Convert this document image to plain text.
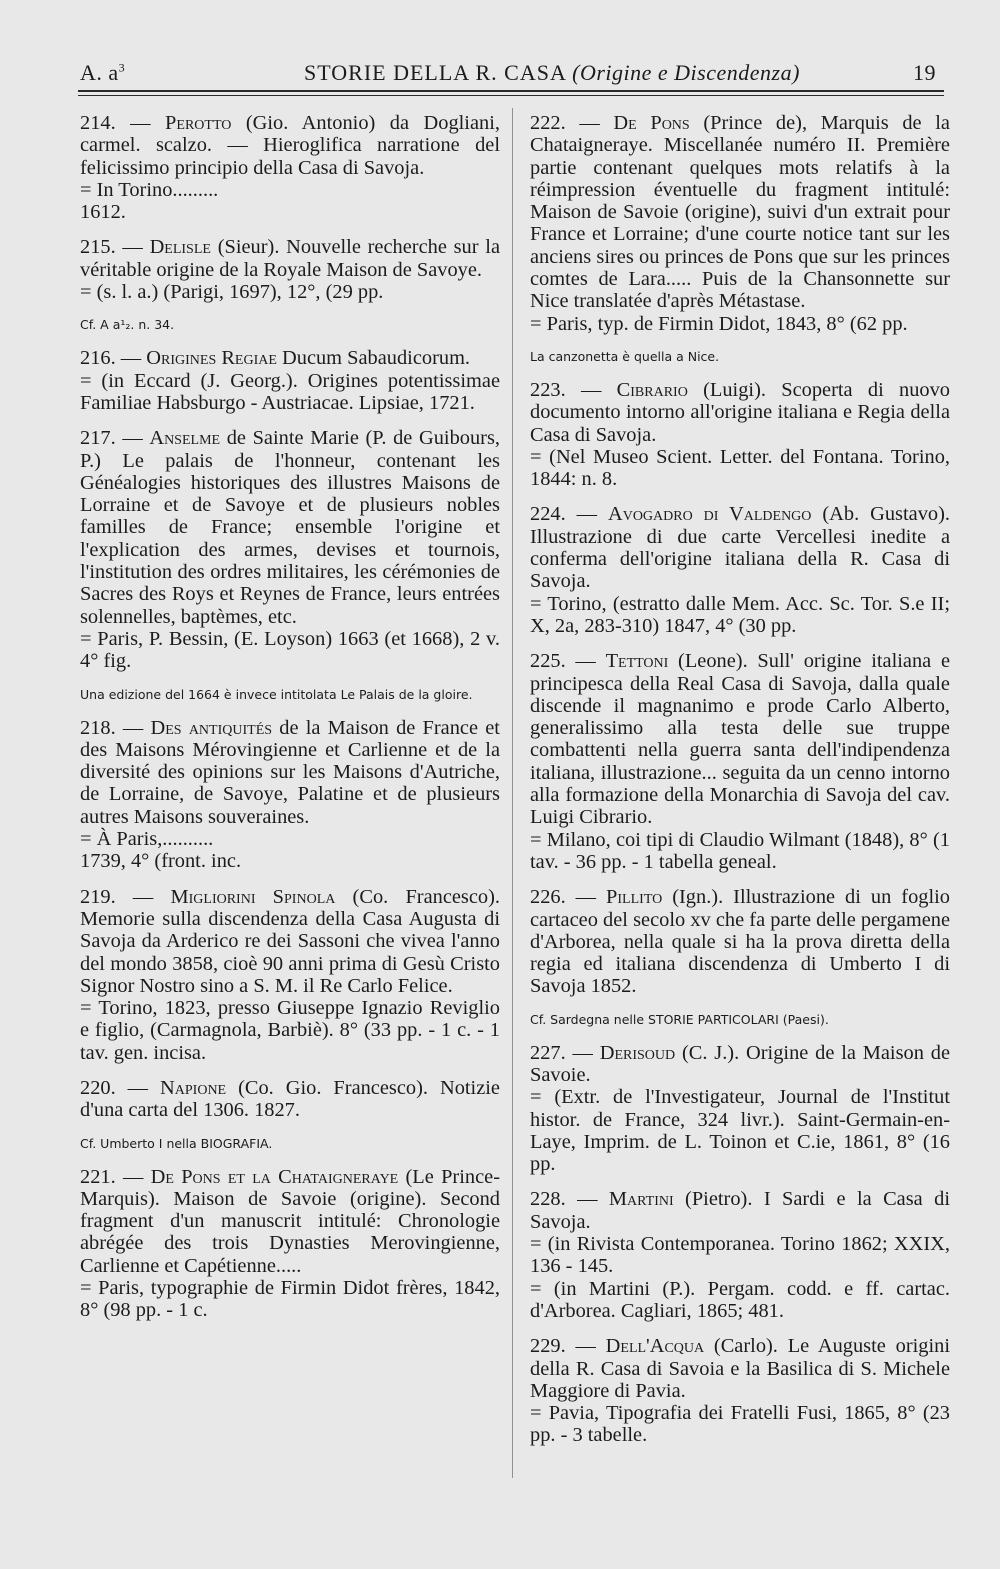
A. $a^3$	STORIE DELLA R. CASA (Origine e Discendenza)	19

214. — Perotto (Gio. Antonio) da Dogliani, carmel. scalzo. — Hieroglifica narratione del felicissimo principio della Casa di Savoja.

= In Torino.........

1612.

215. — Delisle (Sieur). Nouvelle recherche sur la véritable origine de la Royale Maison de Savoye.

= (s. l. a.) (Parigi, 1697), 12°, (29 pp.

Cf. A a¹₂. n. 34.

216. — Origines Regiae Ducum Sabaudicorum.

= (in Eccard (J. Georg.). Origines potentissimae Familiae Habsburgo - Austriacae. Lipsiae, 1721.

217. — Anselme de Sainte Marie (P. de Guibours, P.) Le palais de l'honneur, contenant les Généalogies historiques des illustres Maisons de Lorraine et de Savoye et de plusieurs nobles familles de France; ensemble l'origine et l'explication des armes, devises et tournois, l'institution des ordres militaires, les cérémonies de Sacres des Roys et Reynes de France, leurs entrées solennelles, baptèmes, etc.

= Paris, P. Bessin, (E. Loyson) 1663 (et 1668), 2 v. 4° fig.

Una edizione del 1664 è invece intitolata Le Palais de la gloire.

218. — Des antiquités de la Maison de France et des Maisons Mérovingienne et Carlienne et de la diversité des opinions sur les Maisons d'Autriche, de Lorraine, de Savoye, Palatine et de plusieurs autres Maisons souveraines.

= À Paris,..........

1739, 4° (front. inc.

219. — Migliorini Spinola (Co. Francesco). Memorie sulla discendenza della Casa Augusta di Savoja da Arderico re dei Sassoni che vivea l'anno del mondo 3858, cioè 90 anni prima di Gesù Cristo Signor Nostro sino a S. M. il Re Carlo Felice.

= Torino, 1823, presso Giuseppe Ignazio Reviglio e figlio, (Carmagnola, Barbiè). 8° (33 pp. - 1 c. - 1 tav. gen. incisa.

220. — Napione (Co. Gio. Francesco). Notizie d'una carta del 1306. 1827.

Cf. Umberto I nella BIOGRAFIA.

221. — De Pons et la Chataigneraye (Le Prince-Marquis). Maison de Savoie (origine). Second fragment d'un manuscrit intitulé: Chronologie abrégée des trois Dynasties Merovingienne, Carlienne et Capétienne.....

= Paris, typographie de Firmin Didot frères, 1842, 8° (98 pp. - 1 c.

222. — De Pons (Prince de), Marquis de la Chataigneraye. Miscellanée numéro II. Première partie contenant quelques mots relatifs à la réimpression éventuelle du fragment intitulé: Maison de Savoie (origine), suivi d'un extrait pour France et Lorraine; d'une courte notice tant sur les anciens sires ou princes de Pons que sur les princes comtes de Lara..... Puis de la Chansonnette sur Nice translatée d'après Métastase.

= Paris, typ. de Firmin Didot, 1843, 8° (62 pp.

La canzonetta è quella a Nice.

223. — Cibrario (Luigi). Scoperta di nuovo documento intorno all'origine italiana e Regia della Casa di Savoja.

= (Nel Museo Scient. Letter. del Fontana. Torino, 1844: n. 8.

224. — Avogadro di Valdengo (Ab. Gustavo). Illustrazione di due carte Vercellesi inedite a conferma dell'origine italiana della R. Casa di Savoja.

= Torino, (estratto dalle Mem. Acc. Sc. Tor. S.e II; X, 2a, 283-310) 1847, 4° (30 pp.

225. — Tettoni (Leone). Sull' origine italiana e principesca della Real Casa di Savoja, dalla quale discende il magnanimo e prode Carlo Alberto, generalissimo alla testa delle sue truppe combattenti nella guerra santa dell'indipendenza italiana, illustrazione... seguita da un cenno intorno alla formazione della Monarchia di Savoja del cav. Luigi Cibrario.

= Milano, coi tipi di Claudio Wilmant (1848), 8° (1 tav. - 36 pp. - 1 tabella geneal.

226. — Pillito (Ign.). Illustrazione di un foglio cartaceo del secolo xv che fa parte delle pergamene d'Arborea, nella quale si ha la prova diretta della regia ed italiana discendenza di Umberto I di Savoja 1852.

Cf. Sardegna nelle STORIE PARTICOLARI (Paesi).

227. — Derisoud (C. J.). Origine de la Maison de Savoie.

= (Extr. de l'Investigateur, Journal de l'Institut histor. de France, 324 livr.). Saint-Germain-en-Laye, Imprim. de L. Toinon et C.ie, 1861, 8° (16 pp.

228. — Martini (Pietro). I Sardi e la Casa di Savoja.

= (in Rivista Contemporanea. Torino 1862; XXIX, 136 - 145.

= (in Martini (P.). Pergam. codd. e ff. cartac. d'Arborea. Cagliari, 1865; 481.

229. — Dell'Acqua (Carlo). Le Auguste origini della R. Casa di Savoia e la Basilica di S. Michele Maggiore di Pavia.

= Pavia, Tipografia dei Fratelli Fusi, 1865, 8° (23 pp. - 3 tabelle.
